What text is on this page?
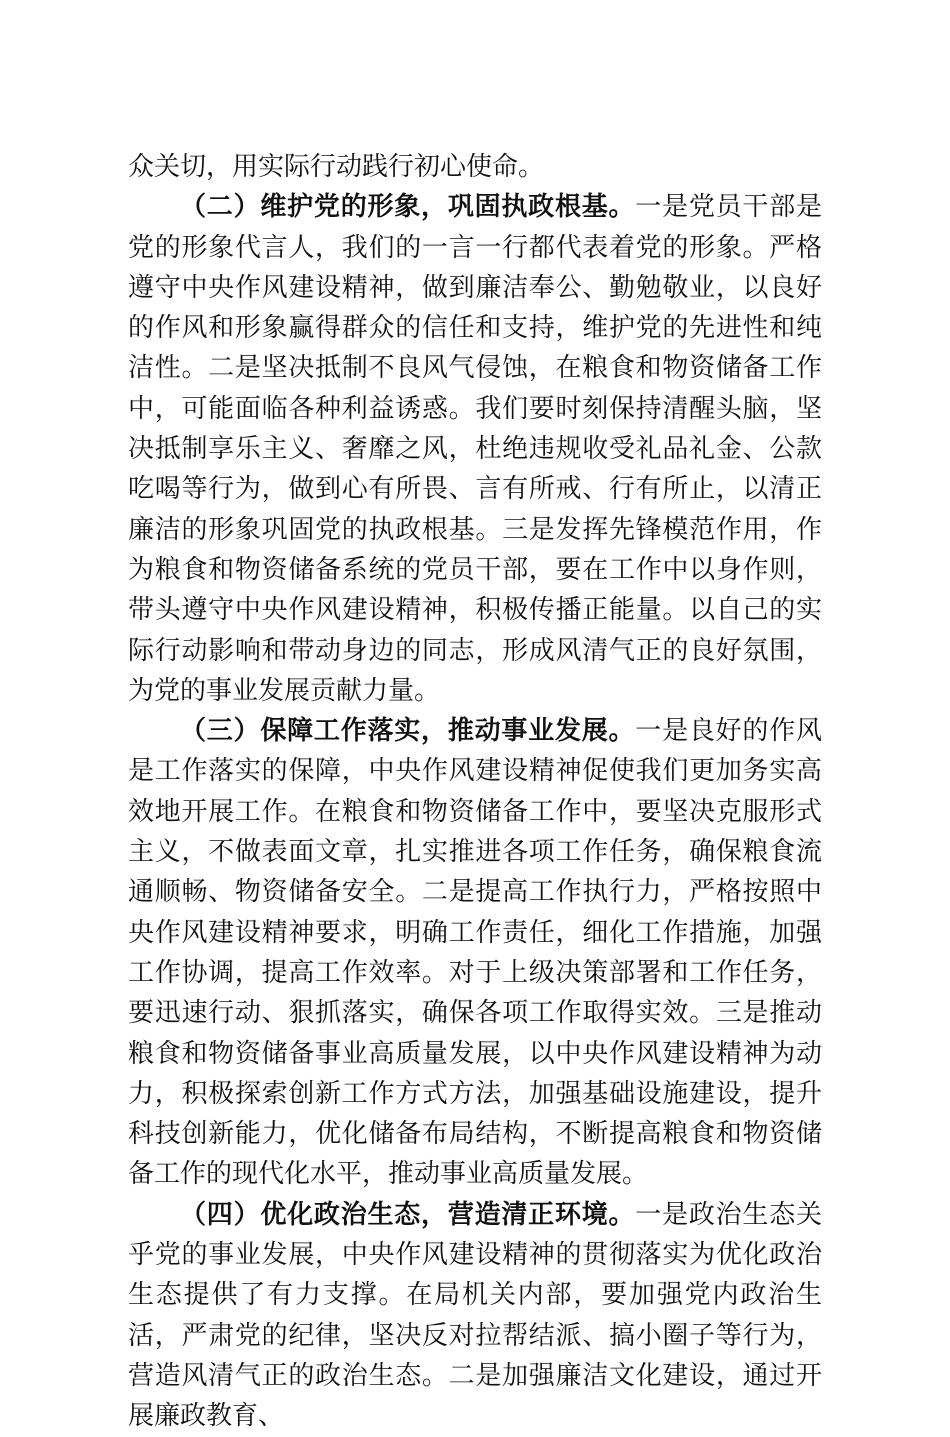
众关切，用实际行动践行初心使命。

（二）维护党的形象，巩固执政根基。一是党员干部是党的形象代言人，我们的一言一行都代表着党的形象。严格遵守中央作风建设精神，做到廉洁奉公、勤勉敬业，以良好的作风和形象赢得群众的信任和支持，维护党的先进性和纯洁性。二是坚决抵制不良风气侵蚀，在粮食和物资储备工作中，可能面临各种利益诱惑。我们要时刻保持清醒头脑，坚决抵制享乐主义、奢靡之风，杜绝违规收受礼品礼金、公款吃喝等行为，做到心有所畏、言有所戒、行有所止，以清正廉洁的形象巩固党的执政根基。三是发挥先锋模范作用，作为粮食和物资储备系统的党员干部，要在工作中以身作则，带头遵守中央作风建设精神，积极传播正能量。以自己的实际行动影响和带动身边的同志，形成风清气正的良好氛围，为党的事业发展贡献力量。

（三）保障工作落实，推动事业发展。一是良好的作风是工作落实的保障，中央作风建设精神促使我们更加务实高效地开展工作。在粮食和物资储备工作中，要坚决克服形式主义，不做表面文章，扎实推进各项工作任务，确保粮食流通顺畅、物资储备安全。二是提高工作执行力，严格按照中央作风建设精神要求，明确工作责任，细化工作措施，加强工作协调，提高工作效率。对于上级决策部署和工作任务，要迅速行动、狠抓落实，确保各项工作取得实效。三是推动粮食和物资储备事业高质量发展，以中央作风建设精神为动力，积极探索创新工作方式方法，加强基础设施建设，提升科技创新能力，优化储备布局结构，不断提高粮食和物资储备工作的现代化水平，推动事业高质量发展。

（四）优化政治生态，营造清正环境。一是政治生态关乎党的事业发展，中央作风建设精神的贯彻落实为优化政治生态提供了有力支撑。在局机关内部，要加强党内政治生活，严肃党的纪律，坚决反对拉帮结派、搞小圈子等行为，营造风清气正的政治生态。二是加强廉洁文化建设，通过开展廉政教育、
